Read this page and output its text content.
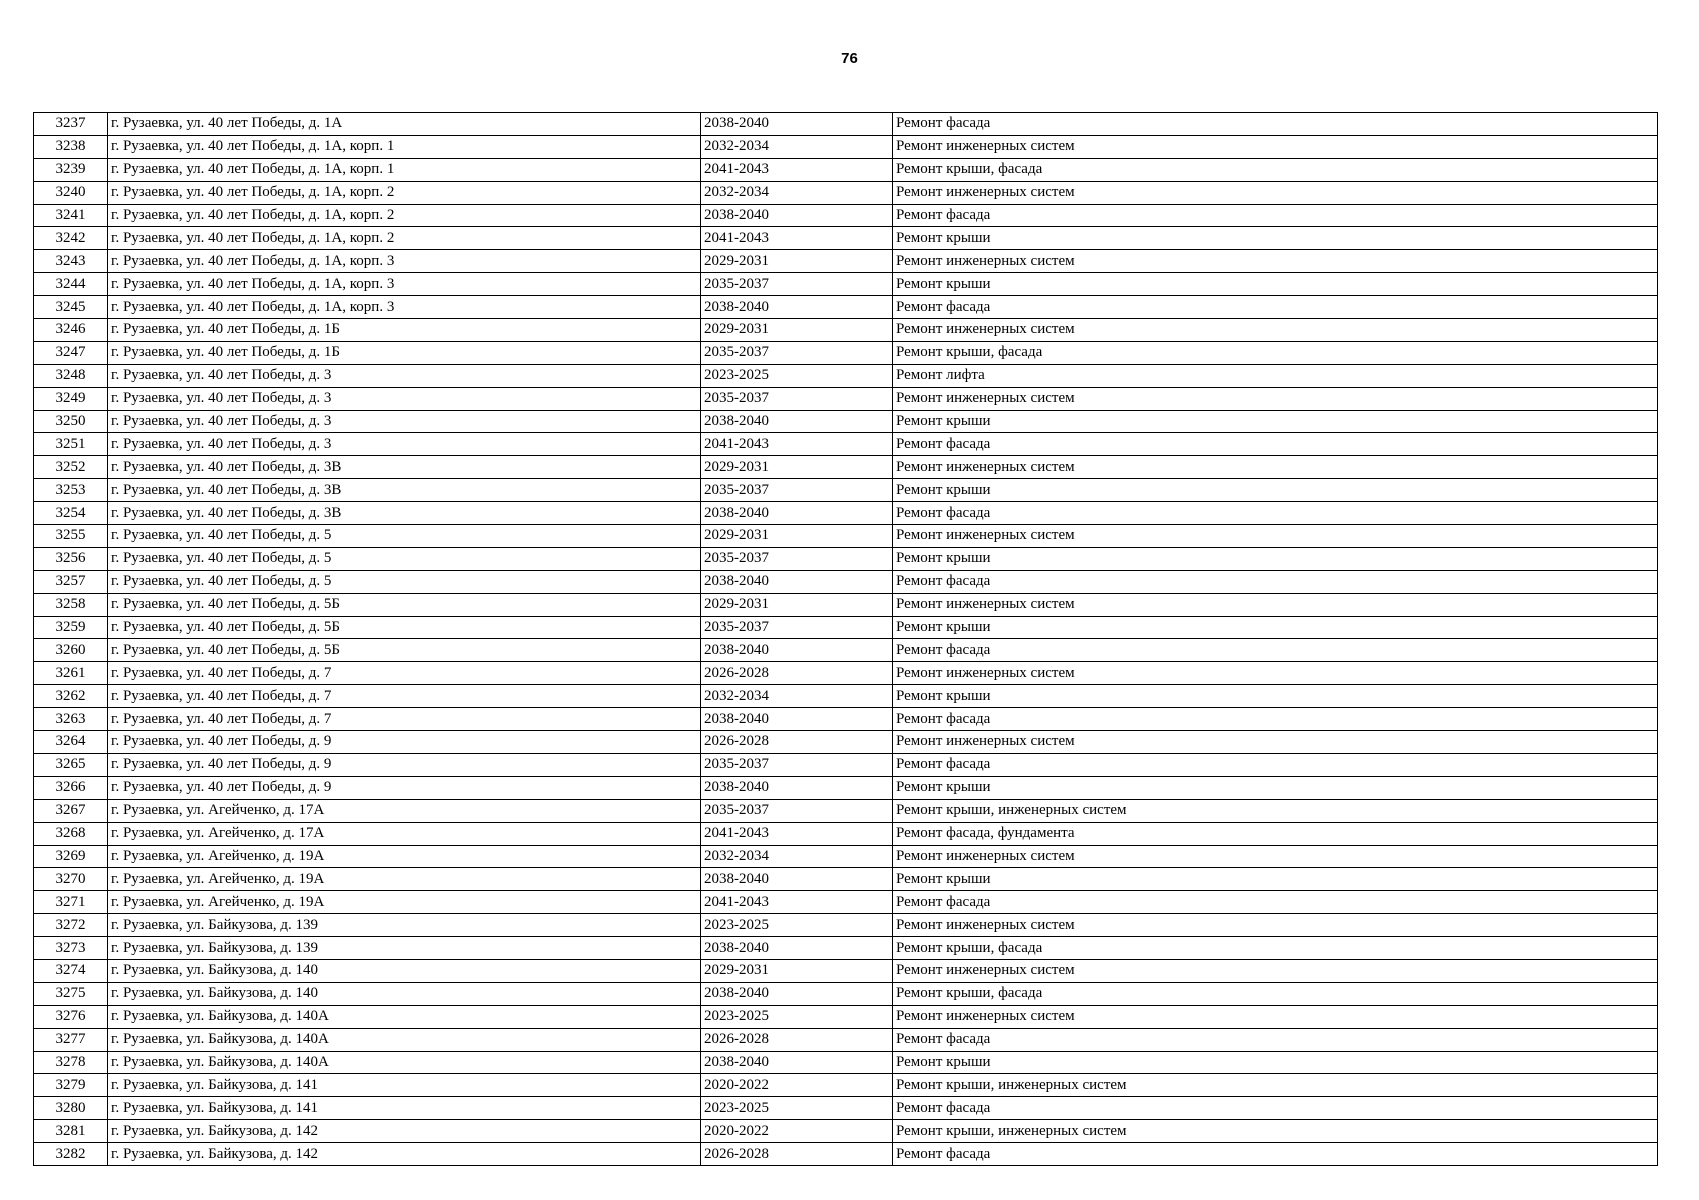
76
3237	г. Рузаевка, ул. 40 лет Победы, д. 1А	2038-2040	Ремонт фасада
3238	г. Рузаевка, ул. 40 лет Победы, д. 1А, корп. 1	2032-2034	Ремонт инженерных систем
3239	г. Рузаевка, ул. 40 лет Победы, д. 1А, корп. 1	2041-2043	Ремонт крыши, фасада
3240	г. Рузаевка, ул. 40 лет Победы, д. 1А, корп. 2	2032-2034	Ремонт инженерных систем
3241	г. Рузаевка, ул. 40 лет Победы, д. 1А, корп. 2	2038-2040	Ремонт фасада
3242	г. Рузаевка, ул. 40 лет Победы, д. 1А, корп. 2	2041-2043	Ремонт крыши
3243	г. Рузаевка, ул. 40 лет Победы, д. 1А, корп. 3	2029-2031	Ремонт инженерных систем
3244	г. Рузаевка, ул. 40 лет Победы, д. 1А, корп. 3	2035-2037	Ремонт крыши
3245	г. Рузаевка, ул. 40 лет Победы, д. 1А, корп. 3	2038-2040	Ремонт фасада
3246	г. Рузаевка, ул. 40 лет Победы, д. 1Б	2029-2031	Ремонт инженерных систем
3247	г. Рузаевка, ул. 40 лет Победы, д. 1Б	2035-2037	Ремонт крыши, фасада
3248	г. Рузаевка, ул. 40 лет Победы, д. 3	2023-2025	Ремонт лифта
3249	г. Рузаевка, ул. 40 лет Победы, д. 3	2035-2037	Ремонт инженерных систем
3250	г. Рузаевка, ул. 40 лет Победы, д. 3	2038-2040	Ремонт крыши
3251	г. Рузаевка, ул. 40 лет Победы, д. 3	2041-2043	Ремонт фасада
3252	г. Рузаевка, ул. 40 лет Победы, д. 3В	2029-2031	Ремонт инженерных систем
3253	г. Рузаевка, ул. 40 лет Победы, д. 3В	2035-2037	Ремонт крыши
3254	г. Рузаевка, ул. 40 лет Победы, д. 3В	2038-2040	Ремонт фасада
3255	г. Рузаевка, ул. 40 лет Победы, д. 5	2029-2031	Ремонт инженерных систем
3256	г. Рузаевка, ул. 40 лет Победы, д. 5	2035-2037	Ремонт крыши
3257	г. Рузаевка, ул. 40 лет Победы, д. 5	2038-2040	Ремонт фасада
3258	г. Рузаевка, ул. 40 лет Победы, д. 5Б	2029-2031	Ремонт инженерных систем
3259	г. Рузаевка, ул. 40 лет Победы, д. 5Б	2035-2037	Ремонт крыши
3260	г. Рузаевка, ул. 40 лет Победы, д. 5Б	2038-2040	Ремонт фасада
3261	г. Рузаевка, ул. 40 лет Победы, д. 7	2026-2028	Ремонт инженерных систем
3262	г. Рузаевка, ул. 40 лет Победы, д. 7	2032-2034	Ремонт крыши
3263	г. Рузаевка, ул. 40 лет Победы, д. 7	2038-2040	Ремонт фасада
3264	г. Рузаевка, ул. 40 лет Победы, д. 9	2026-2028	Ремонт инженерных систем
3265	г. Рузаевка, ул. 40 лет Победы, д. 9	2035-2037	Ремонт фасада
3266	г. Рузаевка, ул. 40 лет Победы, д. 9	2038-2040	Ремонт крыши
3267	г. Рузаевка, ул. Агейченко, д. 17А	2035-2037	Ремонт крыши, инженерных систем
3268	г. Рузаевка, ул. Агейченко, д. 17А	2041-2043	Ремонт фасада, фундамента
3269	г. Рузаевка, ул. Агейченко, д. 19А	2032-2034	Ремонт инженерных систем
3270	г. Рузаевка, ул. Агейченко, д. 19А	2038-2040	Ремонт крыши
3271	г. Рузаевка, ул. Агейченко, д. 19А	2041-2043	Ремонт фасада
3272	г. Рузаевка, ул. Байкузова, д. 139	2023-2025	Ремонт инженерных систем
3273	г. Рузаевка, ул. Байкузова, д. 139	2038-2040	Ремонт крыши, фасада
3274	г. Рузаевка, ул. Байкузова, д. 140	2029-2031	Ремонт инженерных систем
3275	г. Рузаевка, ул. Байкузова, д. 140	2038-2040	Ремонт крыши, фасада
3276	г. Рузаевка, ул. Байкузова, д. 140А	2023-2025	Ремонт инженерных систем
3277	г. Рузаевка, ул. Байкузова, д. 140А	2026-2028	Ремонт фасада
3278	г. Рузаевка, ул. Байкузова, д. 140А	2038-2040	Ремонт крыши
3279	г. Рузаевка, ул. Байкузова, д. 141	2020-2022	Ремонт крыши, инженерных систем
3280	г. Рузаевка, ул. Байкузова, д. 141	2023-2025	Ремонт фасада
3281	г. Рузаевка, ул. Байкузова, д. 142	2020-2022	Ремонт крыши, инженерных систем
3282	г. Рузаевка, ул. Байкузова, д. 142	2026-2028	Ремонт фасада
